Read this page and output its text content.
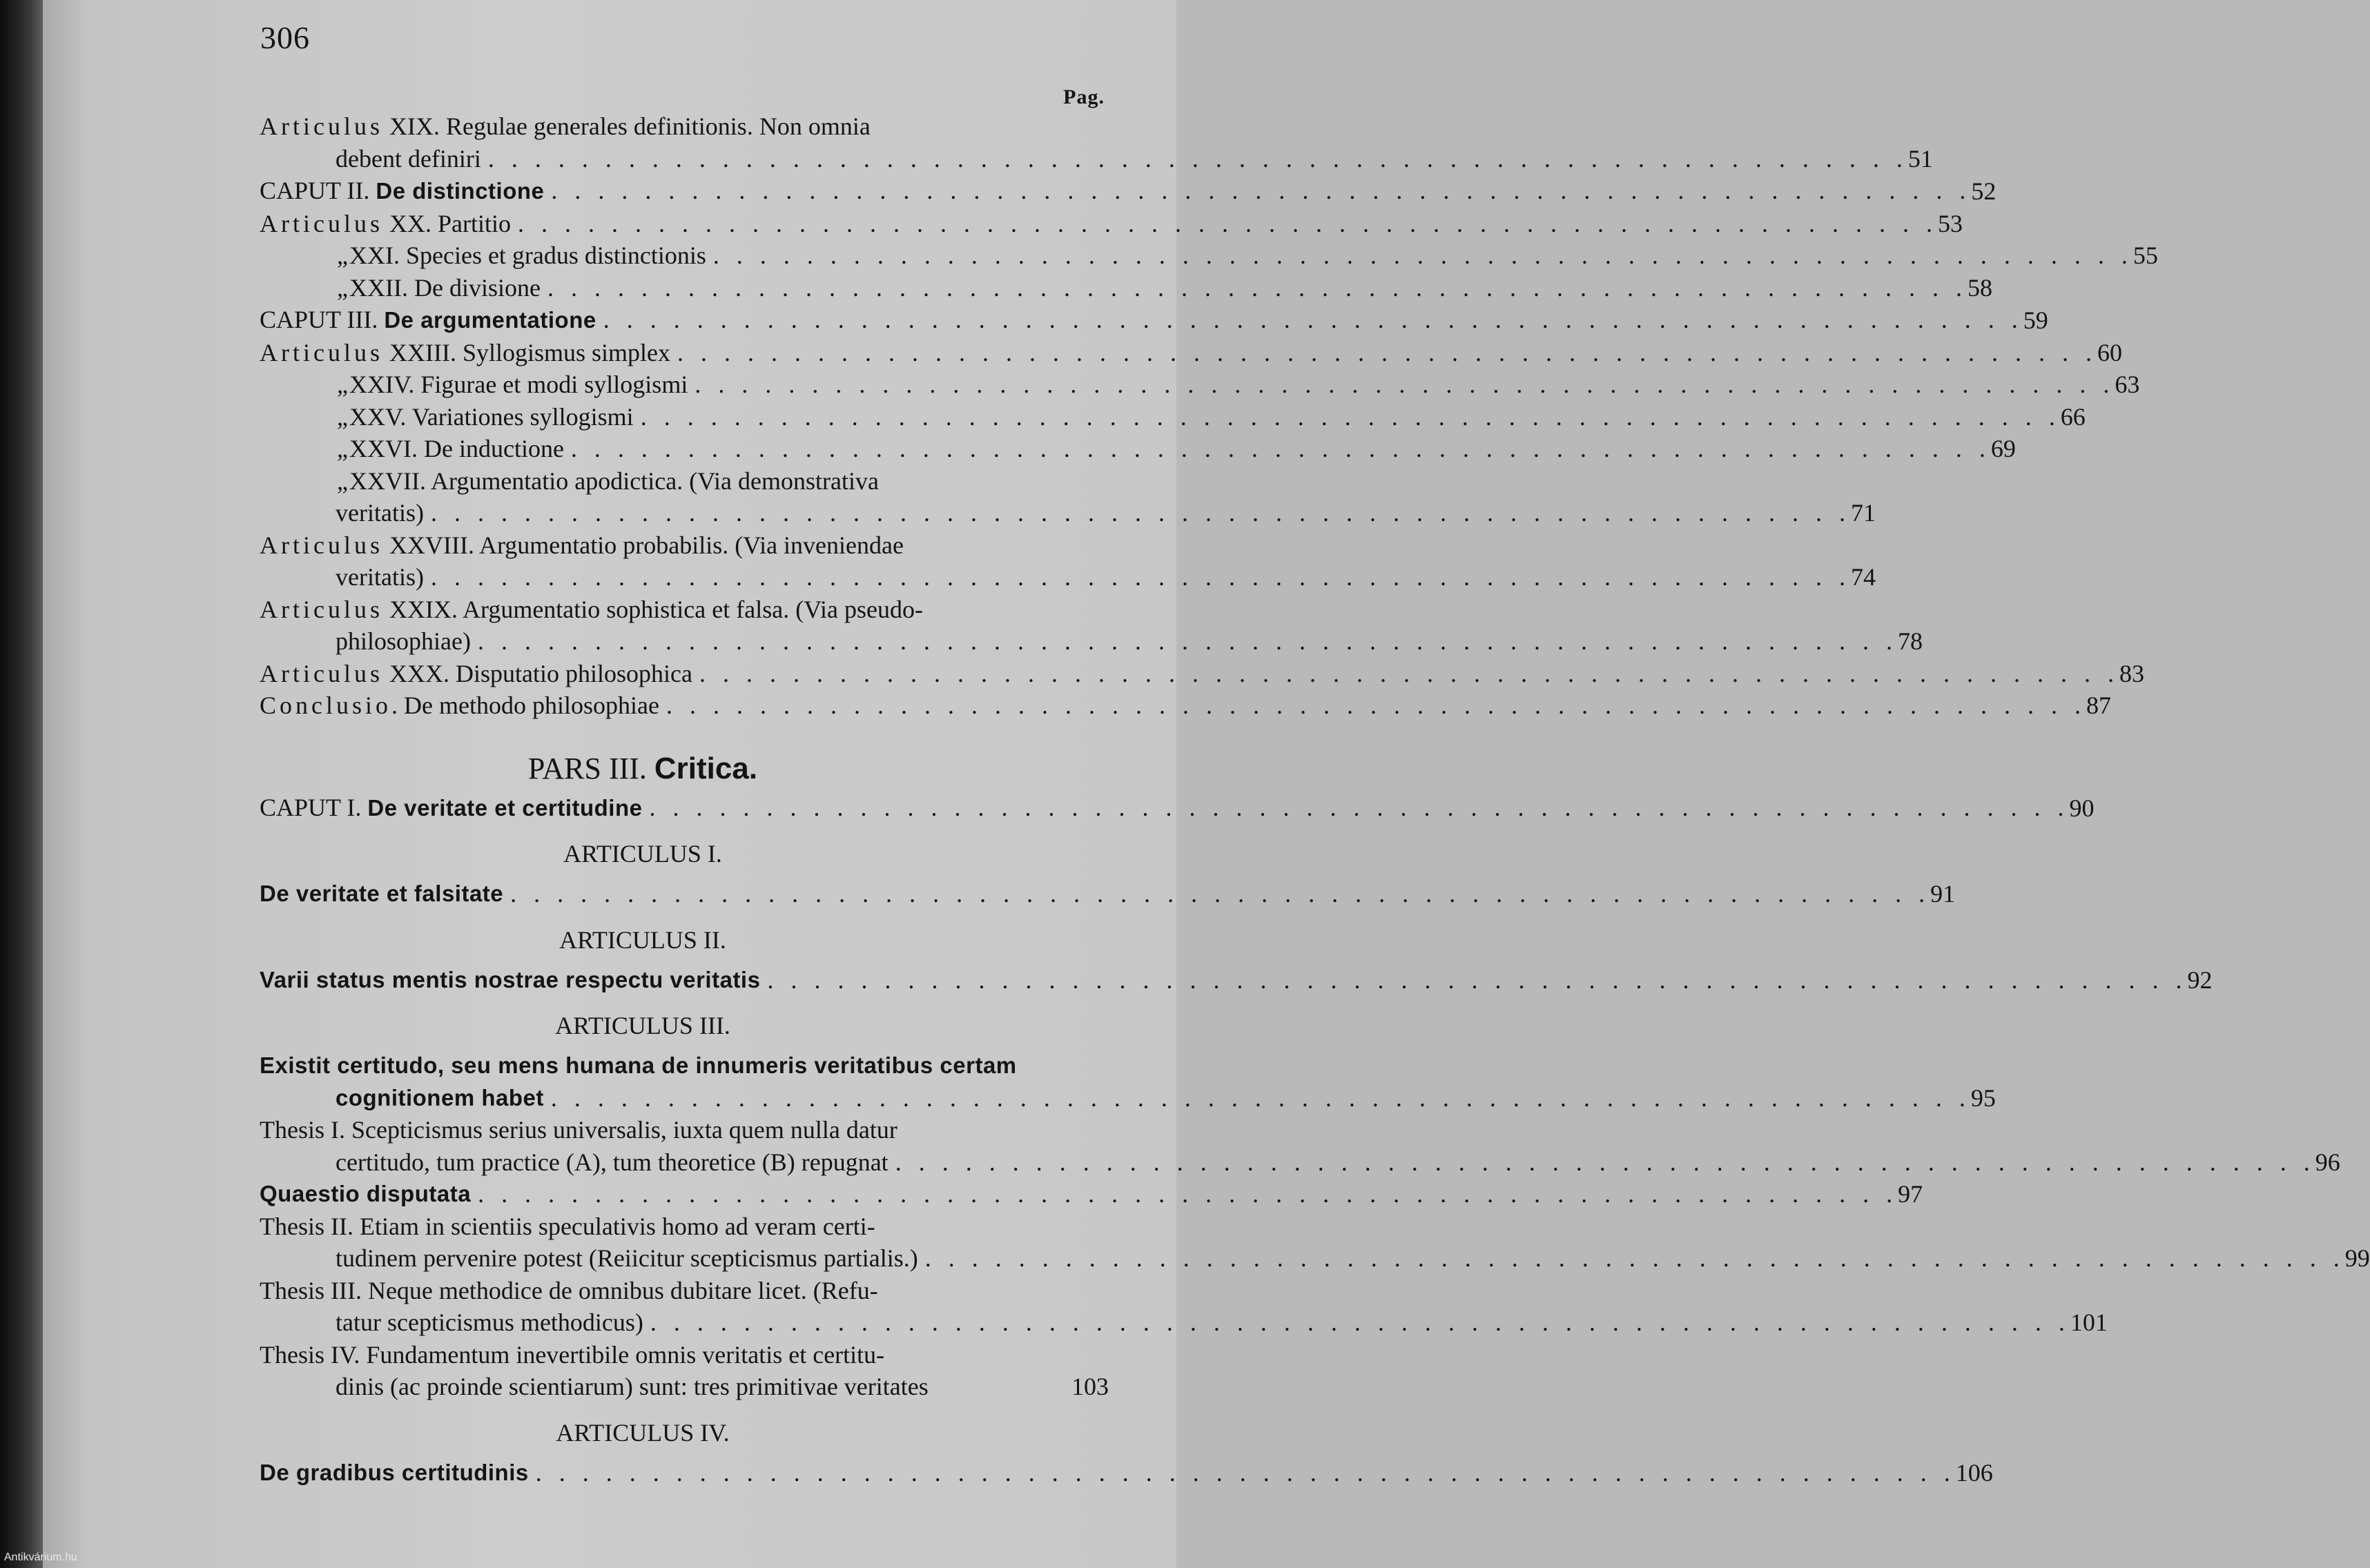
306
Pag.
Articulus XIX. Regulae generales definitionis. Non omnia
debent definiri . . .	51
CAPUT II. De distinctione . . .	52
Articulus XX. Partitio . . .	53
„XXI. Species et gradus distinctionis . . .	55
„XXII. De divisione . . .	58
CAPUT III. De argumentatione . . .	59
Articulus XXIII. Syllogismus simplex . . .	60
„XXIV. Figurae et modi syllogismi . . .	63
„XXV. Variationes syllogismi . . .	66
„XXVI. De inductione . . .	69
„XXVII. Argumentatio apodictica. (Via demonstrativa
veritatis) . . .	71
Articulus XXVIII. Argumentatio probabilis. (Via inveniendae
veritatis) . . .	74
Articulus XXIX. Argumentatio sophistica et falsa. (Via pseudo-
philosophiae) . . .	78
Articulus XXX. Disputatio philosophica . . .	83
Conclusio. De methodo philosophiae . . .	87
PARS III. Critica.
CAPUT I. De veritate et certitudine . . .	90
ARTICULUS I.
De veritate et falsitate . . .	91
ARTICULUS II.
Varii status mentis nostrae respectu veritatis . . .	92
ARTICULUS III.
Existit certitudo, seu mens humana de innumeris veritatibus certam
cognitionem habet . . .	95
Thesis I. Scepticismus serius universalis, iuxta quem nulla datur
certitudo, tum practice (A), tum theoretice (B) repugnat . . .	96
Quaestio disputata . . .	97
Thesis II. Etiam in scientiis speculativis homo ad veram certi-
tudinem pervenire potest (Reiicitur scepticismus partialis.) . . .	99
Thesis III. Neque methodice de omnibus dubitare licet. (Refu-
tatur scepticismus methodicus) . . .	101
Thesis IV. Fundamentum inevertibile omnis veritatis et certitu-
dinis (ac proinde scientiarum) sunt: tres primitivae veritates	103
ARTICULUS IV.
De gradibus certitudinis . . .	106
Antikvárium.hu
